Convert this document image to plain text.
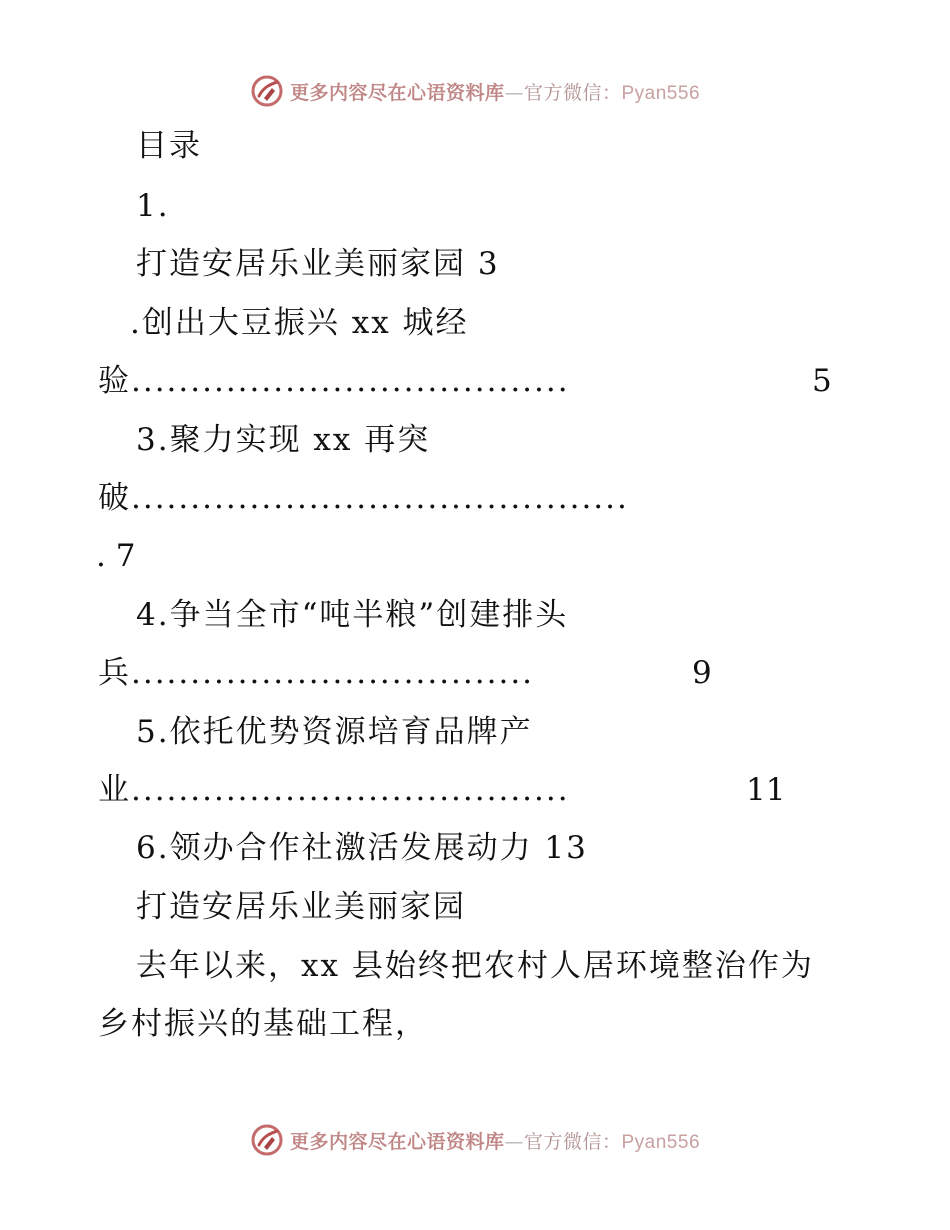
更多内容尽在心语资料库—官方微信：Pyan556
目录
1.
打造安居乐业美丽家园 3
.创出大豆振兴 xx 城经
验.....................................	5
3.聚力实现 xx 再突
破..........................................
. 7
4.争当全市“吨半粮”创建排头
兵..................................	9
5.依托优势资源培育品牌产
业.....................................	11
6.领办合作社激活发展动力 13
打造安居乐业美丽家园
去年以来，xx 县始终把农村人居环境整治作为
乡村振兴的基础工程，
更多内容尽在心语资料库—官方微信：Pyan556
